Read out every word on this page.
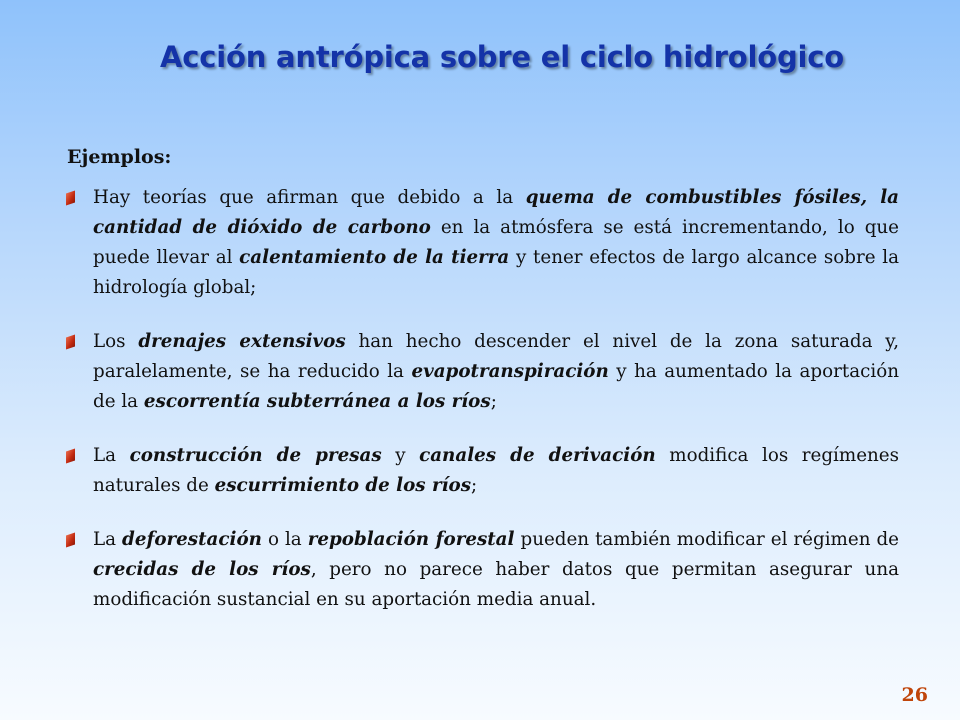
Acción antrópica sobre el ciclo hidrológico
Ejemplos:
Hay teorías que afirman que debido a la quema de combustibles fósiles, la cantidad de dióxido de carbono en la atmósfera se está incrementando, lo que puede llevar al calentamiento de la tierra y tener efectos de largo alcance sobre la hidrología global;
Los drenajes extensivos han hecho descender el nivel de la zona saturada y, paralelamente, se ha reducido la evapotranspiración y ha aumentado la aportación de la escorrentía subterránea a los ríos;
La construcción de presas y canales de derivación modifica los regímenes naturales de escurrimiento de los ríos;
La deforestación o la repoblación forestal pueden también modificar el régimen de crecidas de los ríos, pero no parece haber datos que permitan asegurar una modificación sustancial en su aportación media anual.
26
